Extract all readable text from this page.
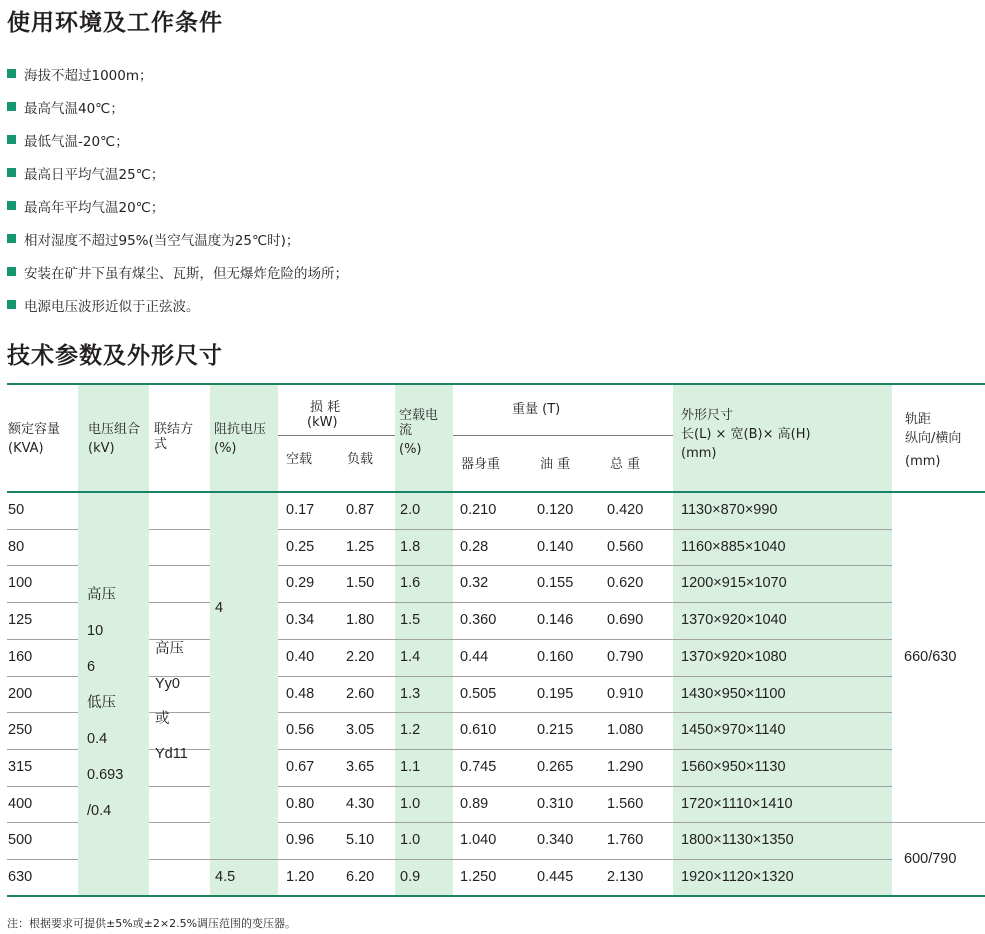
使用环境及工作条件
海拔不超过1000m；
最高气温40℃；
最低气温-20℃；
最高日平均气温25℃；
最高年平均气温20℃；
相对湿度不超过95%(当空气温度为25℃时)；
安装在矿井下虽有煤尘、瓦斯，但无爆炸危险的场所；
电源电压波形近似于正弦波。
技术参数及外形尺寸
额定容量
(KVA)
电压组合
(kV)
联结方
式
阻抗电压
(%)
损 耗
(kW)
空载	负载
空载电
流
(%)
重量 (T)
器身重	油 重	总 重
外形尺寸
长(L) × 宽(B)× 高(H)
(mm)
轨距
纵向/横向
(mm)
高压
10
6
低压
0.4
0.693
/0.4
高压
Yy0
或
Yd11
4
4.5
660/630
600/790
50	0.17 0.87 2.0	0.210	0.120 0.420	1130×870×990
80	0.25 1.25 1.8	0.28	0.140 0.560	1160×885×1040
100	0.29 1.50 1.6	0.32	0.155 0.620	1200×915×1070
125	0.34 1.80 1.5	0.360	0.146 0.690	1370×920×1040
160	0.40 2.20 1.4	0.44	0.160 0.790	1370×920×1080
200	0.48 2.60 1.3	0.505	0.195 0.910	1430×950×1100
250	0.56 3.05 1.2	0.610	0.215 1.080	1450×970×1140
315	0.67 3.65 1.1	0.745	0.265 1.290	1560×950×1130
400	0.80 4.30 1.0	0.89	0.310 1.560	1720×1110×1410
500	0.96 5.10 1.0	1.040	0.340 1.760	1800×1130×1350
630	1.20 6.20 0.9	1.250	0.445 2.130	1920×1120×1320
注：根据要求可提供±5%或±2×2.5%调压范围的变压器。
